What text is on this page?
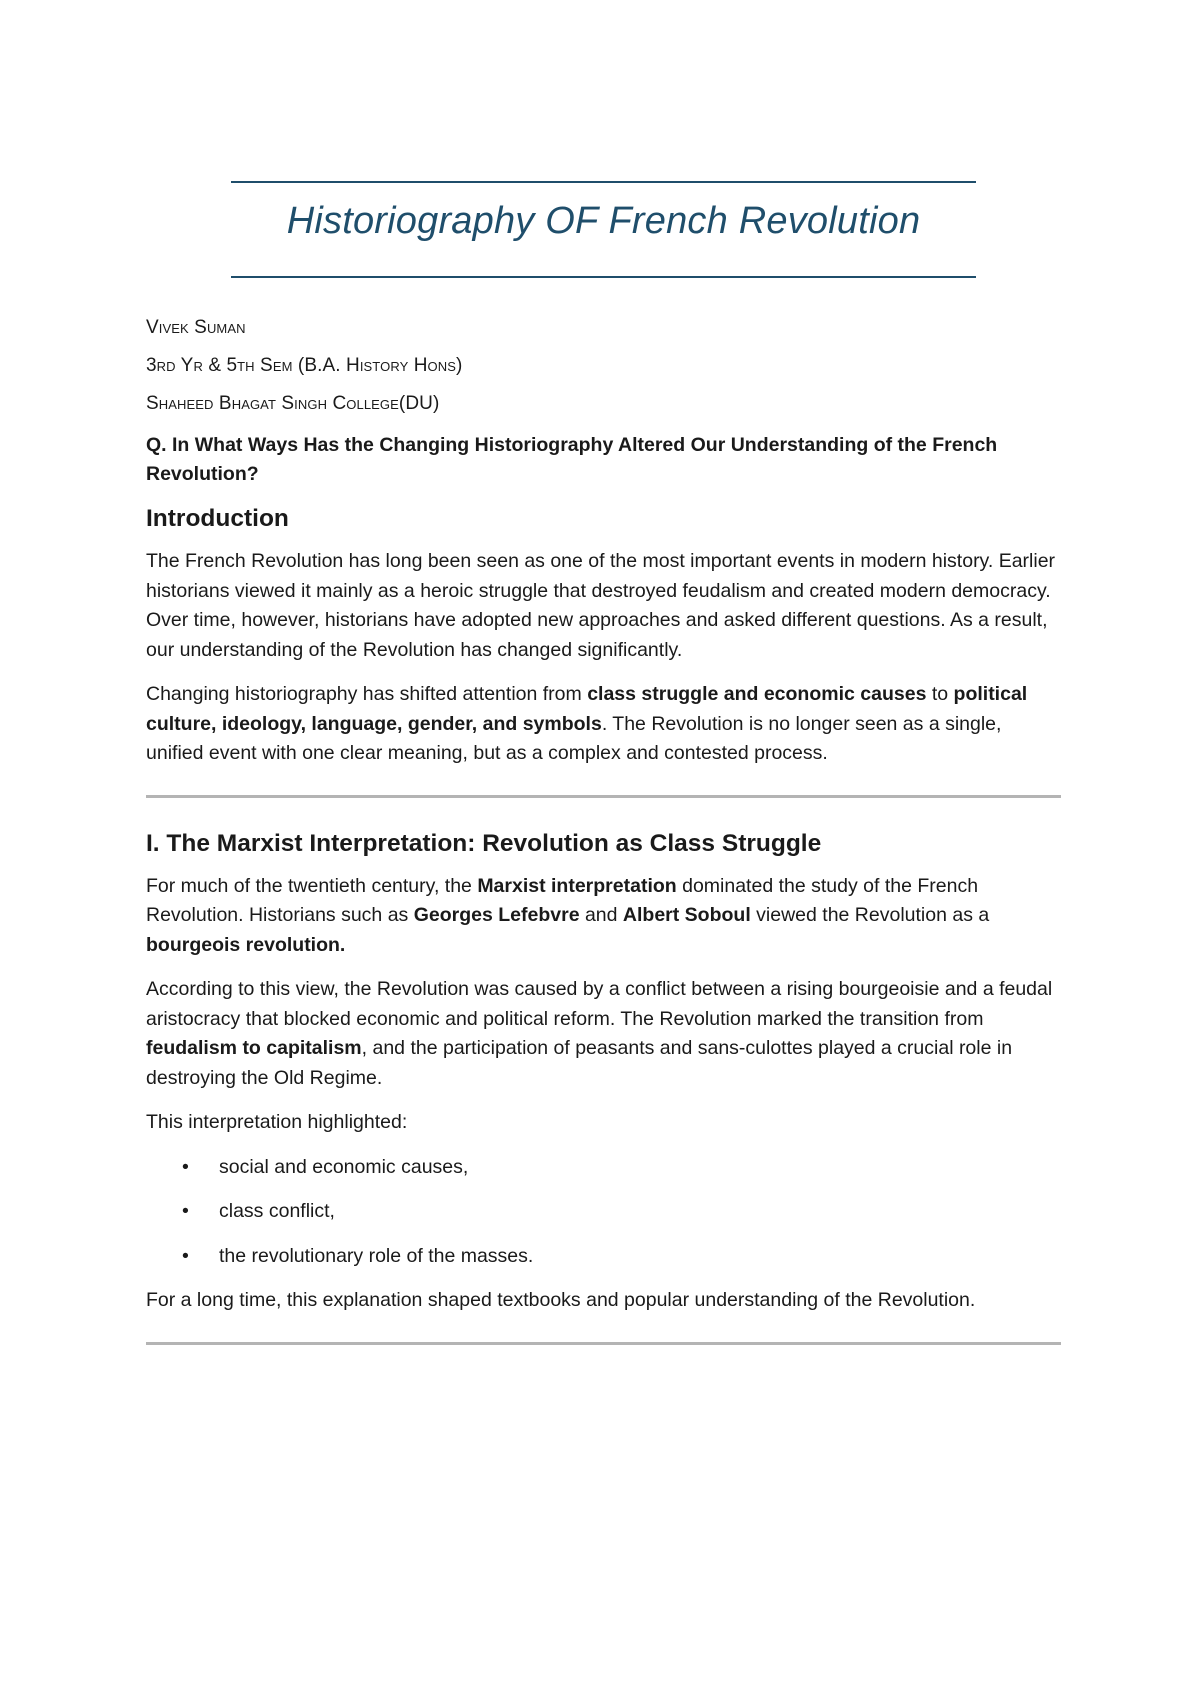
Historiography OF French Revolution

Vivek Suman

3rd Yr & 5th Sem (B.A. History Hons)

Shaheed Bhagat Singh College(DU)

Q. In What Ways Has the Changing Historiography Altered Our Understanding of the French Revolution?

Introduction

The French Revolution has long been seen as one of the most important events in modern history. Earlier historians viewed it mainly as a heroic struggle that destroyed feudalism and created modern democracy. Over time, however, historians have adopted new approaches and asked different questions. As a result, our understanding of the Revolution has changed significantly.

Changing historiography has shifted attention from class struggle and economic causes to political culture, ideology, language, gender, and symbols. The Revolution is no longer seen as a single, unified event with one clear meaning, but as a complex and contested process.

I. The Marxist Interpretation: Revolution as Class Struggle

For much of the twentieth century, the Marxist interpretation dominated the study of the French Revolution. Historians such as Georges Lefebvre and Albert Soboul viewed the Revolution as a bourgeois revolution.

According to this view, the Revolution was caused by a conflict between a rising bourgeoisie and a feudal aristocracy that blocked economic and political reform. The Revolution marked the transition from feudalism to capitalism, and the participation of peasants and sans-culottes played a crucial role in destroying the Old Regime.

This interpretation highlighted:

• social and economic causes,
• class conflict,
• the revolutionary role of the masses.

For a long time, this explanation shaped textbooks and popular understanding of the Revolution.
